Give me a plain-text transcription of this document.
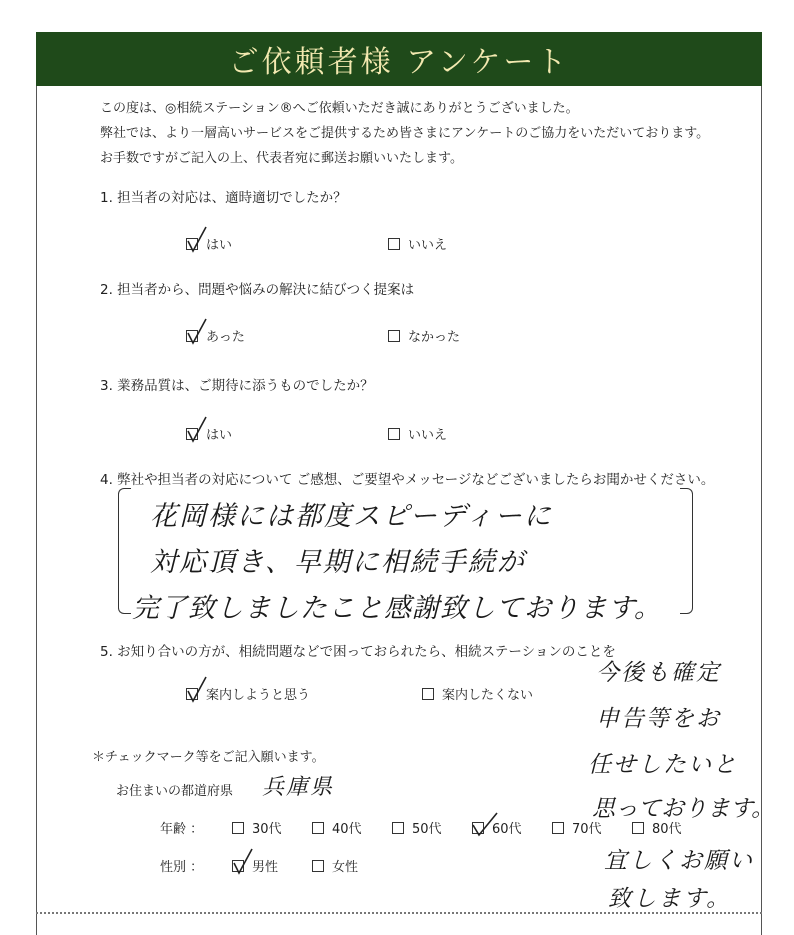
ご依頼者様 アンケート
この度は、◎相続ステーション®へご依頼いただき誠にありがとうございました。
弊社では、より一層高いサービスをご提供するため皆さまにアンケートのご協力をいただいております。
お手数ですがご記入の上、代表者宛に郵送お願いいたします。
1. 担当者の対応は、適時適切でしたか？
はい	いいえ
2. 担当者から、問題や悩みの解決に結びつく提案は
あった	なかった
3. 業務品質は、ご期待に添うものでしたか？
はい	いいえ
4. 弊社や担当者の対応について ご感想、ご要望やメッセージなどございましたらお聞かせください。
花岡様には都度スピーディーに
対応頂き、早期に相続手続が
完了致しましたこと感謝致しております。
5. お知り合いの方が、相続問題などで困っておられたら、相続ステーションのことを
案内しようと思う	案内したくない
今後も確定
申告等をお
任せしたいと
思っております。
宜しくお願い
致します。
＊チェックマーク等をご記入願います。
お住まいの都道府県 兵庫県
年齢 ：	30代	40代	50代	60代	70代	80代
性別 ：	男性	女性
